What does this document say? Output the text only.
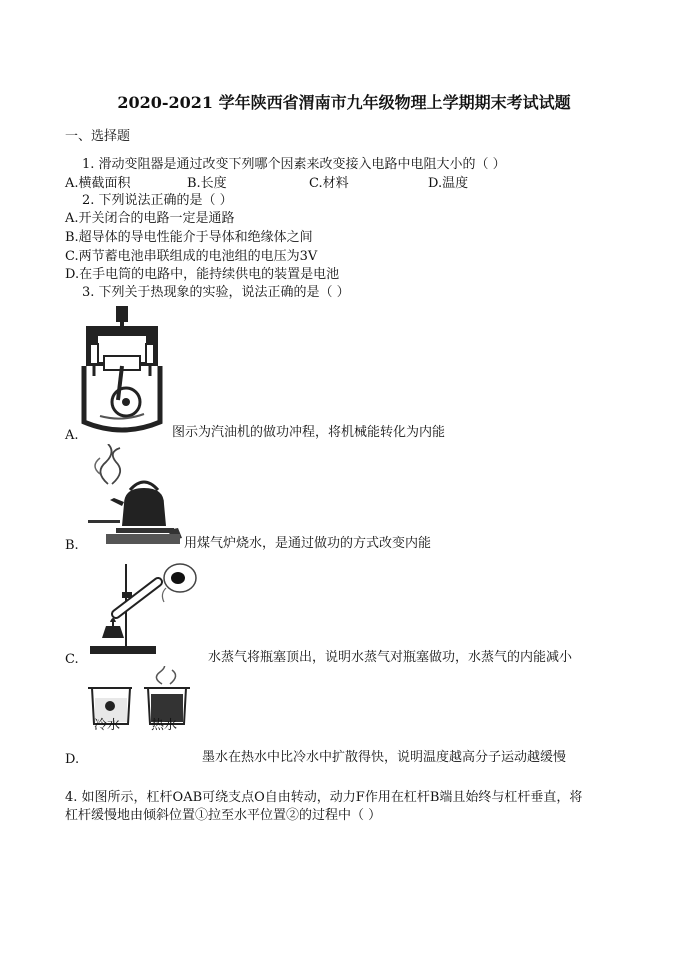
2020-2021 学年陕西省渭南市九年级物理上学期期末考试试题
一、选择题
1. 滑动变阻器是通过改变下列哪个因素来改变接入电路中电阻大小的（ ）
A.横截面积	B.长度	C.材料	D.温度
2. 下列说法正确的是（ ）
A.开关闭合的电路一定是通路
B.超导体的导电性能介于导体和绝缘体之间
C.两节蓄电池串联组成的电池组的电压为3V
D.在手电筒的电路中，能持续供电的装置是电池
3. 下列关于热现象的实验，说法正确的是（ ）
A.	图示为汽油机的做功冲程，将机械能转化为内能
B.	用煤气炉烧水，是通过做功的方式改变内能
C.	水蒸气将瓶塞顶出，说明水蒸气对瓶塞做功，水蒸气的内能减小
冷水 热水
D.	墨水在热水中比冷水中扩散得快，说明温度越高分子运动越缓慢
4. 如图所示，杠杆OAB可绕支点O自由转动，动力F作用在杠杆B端且始终与杠杆垂直，将
杠杆缓慢地由倾斜位置①拉至水平位置②的过程中（ ）
